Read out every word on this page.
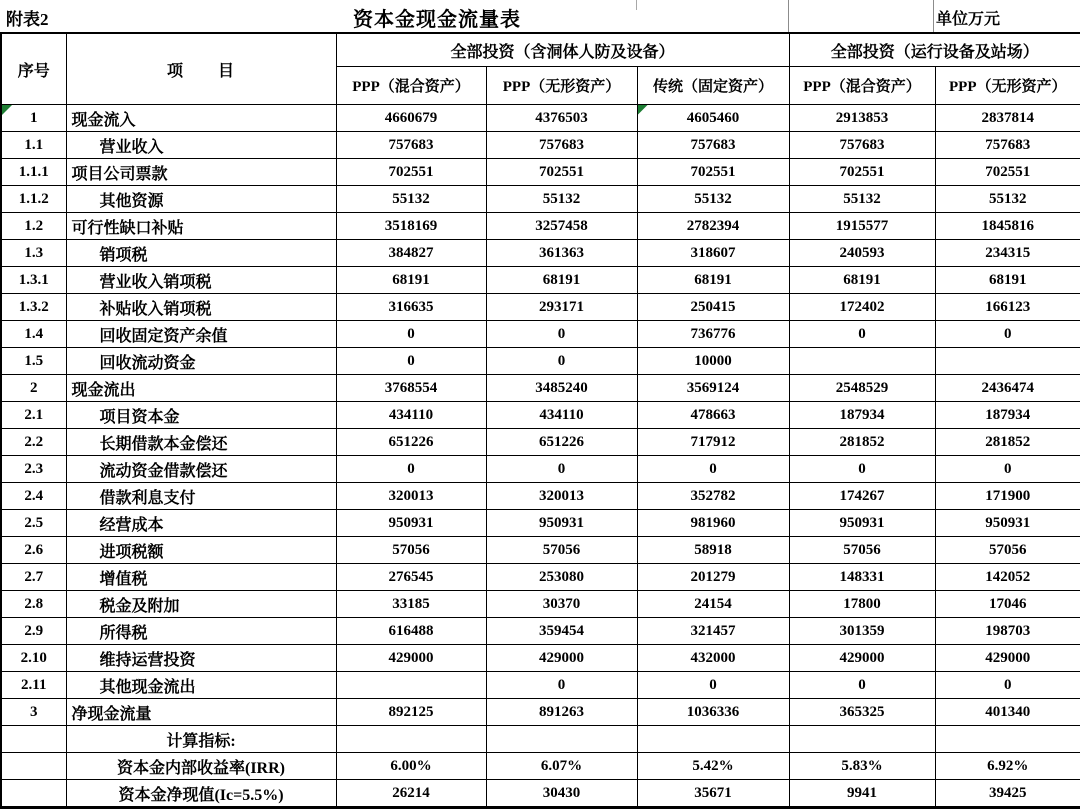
附表2	资本金现金流量表	单位万元
序号	项　　目	全部投资（含洞体人防及设备）			全部投资（运行设备及站场）	
		PPP（混合资产）	PPP（无形资产）	传统（固定资产）	PPP（混合资产）	PPP（无形资产）
1	现金流入	4660679	4376503	4605460	2913853	2837814
1.1	营业收入	757683	757683	757683	757683	757683
1.1.1	项目公司票款	702551	702551	702551	702551	702551
1.1.2	其他资源	55132	55132	55132	55132	55132
1.2	可行性缺口补贴	3518169	3257458	2782394	1915577	1845816
1.3	销项税	384827	361363	318607	240593	234315
1.3.1	营业收入销项税	68191	68191	68191	68191	68191
1.3.2	补贴收入销项税	316635	293171	250415	172402	166123
1.4	回收固定资产余值	0	0	736776	0	0
1.5	回收流动资金	0	0	10000		
2	现金流出	3768554	3485240	3569124	2548529	2436474
2.1	项目资本金	434110	434110	478663	187934	187934
2.2	长期借款本金偿还	651226	651226	717912	281852	281852
2.3	流动资金借款偿还	0	0	0	0	0
2.4	借款利息支付	320013	320013	352782	174267	171900
2.5	经营成本	950931	950931	981960	950931	950931
2.6	进项税额	57056	57056	58918	57056	57056
2.7	增值税	276545	253080	201279	148331	142052
2.8	税金及附加	33185	30370	24154	17800	17046
2.9	所得税	616488	359454	321457	301359	198703
2.10	维持运营投资	429000	429000	432000	429000	429000
2.11	其他现金流出		0	0	0	0
3	净现金流量	892125	891263	1036336	365325	401340
	计算指标:					
	资本金内部收益率(IRR)	6.00%	6.07%	5.42%	5.83%	6.92%
	资本金净现值(Ic=5.5%)	26214	30430	35671	9941	39425
